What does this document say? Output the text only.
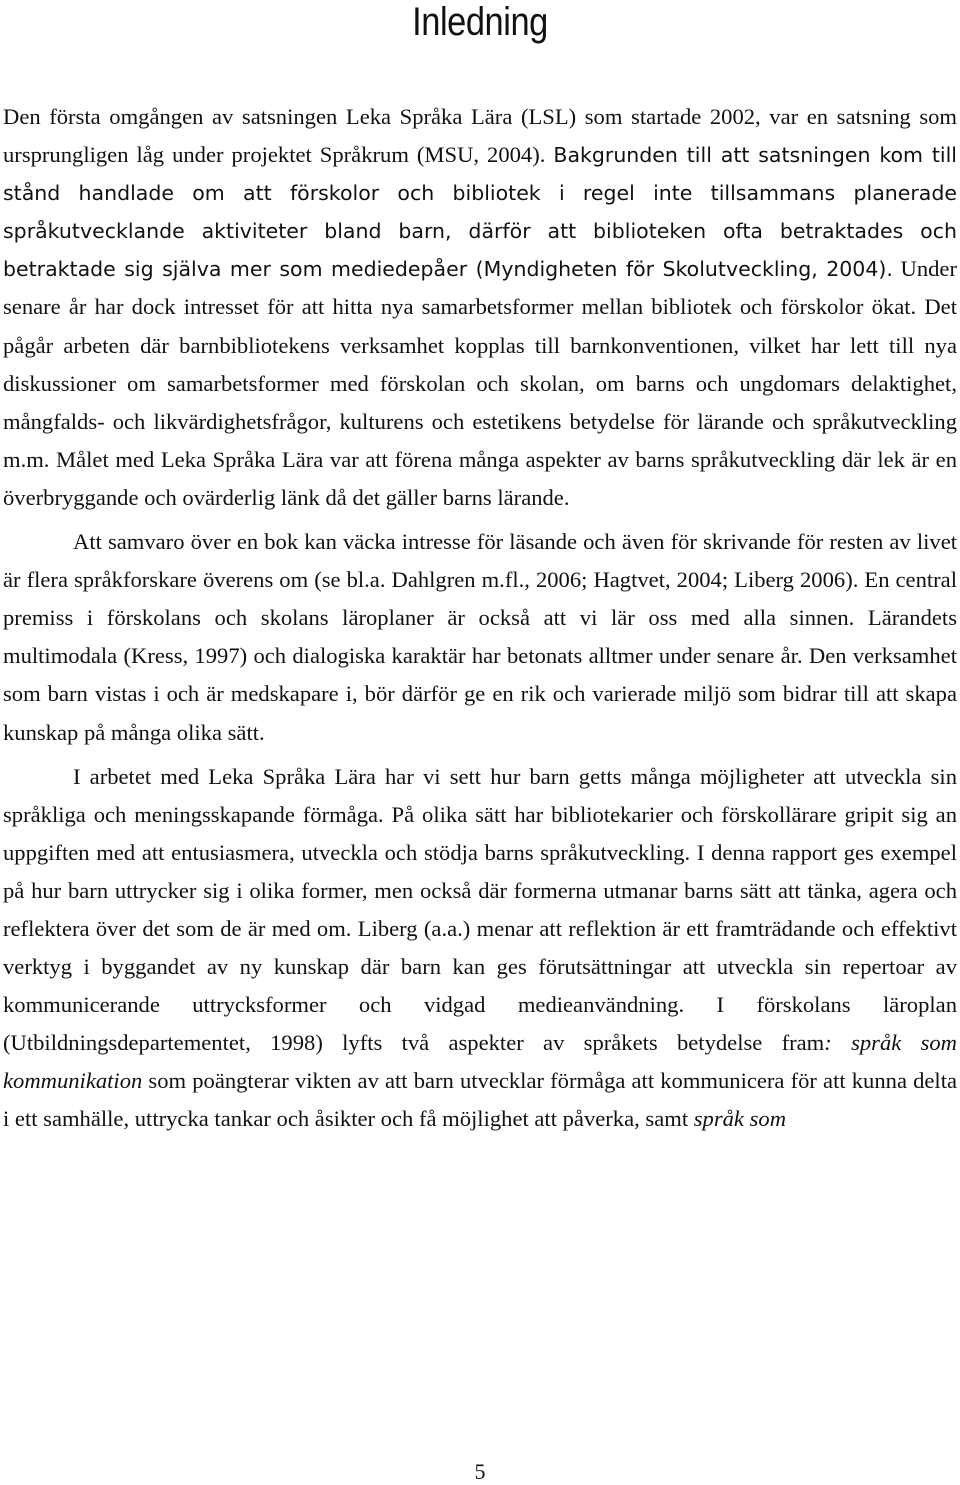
Inledning

Den första omgången av satsningen Leka Språka Lära (LSL) som startade 2002, var en satsning som ursprungligen låg under projektet Språkrum (MSU, 2004). Bakgrunden till att satsningen kom till stånd handlade om att förskolor och bibliotek i regel inte tillsammans planerade språkutvecklande aktiviteter bland barn, därför att biblioteken ofta betraktades och betraktade sig själva mer som mediedepåer (Myndigheten för Skolutveckling, 2004). Under senare år har dock intresset för att hitta nya samarbetsformer mellan bibliotek och förskolor ökat. Det pågår arbeten där barnbibliotekens verksamhet kopplas till barnkonventionen, vilket har lett till nya diskussioner om samarbetsformer med förskolan och skolan, om barns och ungdomars delaktighet, mångfalds- och likvärdighetsfrågor, kulturens och estetikens betydelse för lärande och språkutveckling m.m. Målet med Leka Språka Lära var att förena många aspekter av barns språkutveckling där lek är en överbryggande och ovärderlig länk då det gäller barns lärande.

Att samvaro över en bok kan väcka intresse för läsande och även för skrivande för resten av livet är flera språkforskare överens om (se bl.a. Dahlgren m.fl., 2006; Hagtvet, 2004; Liberg 2006). En central premiss i förskolans och skolans läroplaner är också att vi lär oss med alla sinnen. Lärandets multimodala (Kress, 1997) och dialogiska karaktär har betonats alltmer under senare år. Den verksamhet som barn vistas i och är medskapare i, bör därför ge en rik och varierade miljö som bidrar till att skapa kunskap på många olika sätt.

I arbetet med Leka Språka Lära har vi sett hur barn getts många möjligheter att utveckla sin språkliga och meningsskapande förmåga. På olika sätt har bibliotekarier och förskollärare gripit sig an uppgiften med att entusiasmera, utveckla och stödja barns språkutveckling. I denna rapport ges exempel på hur barn uttrycker sig i olika former, men också där formerna utmanar barns sätt att tänka, agera och reflektera över det som de är med om. Liberg (a.a.) menar att reflektion är ett framträdande och effektivt verktyg i byggandet av ny kunskap där barn kan ges förutsättningar att utveckla sin repertoar av kommunicerande uttrycksformer och vidgad medieanvändning. I förskolans läroplan (Utbildningsdepartementet, 1998) lyfts två aspekter av språkets betydelse fram: språk som kommunikation som poängterar vikten av att barn utvecklar förmåga att kommunicera för att kunna delta i ett samhälle, uttrycka tankar och åsikter och få möjlighet att påverka, samt språk som

5
